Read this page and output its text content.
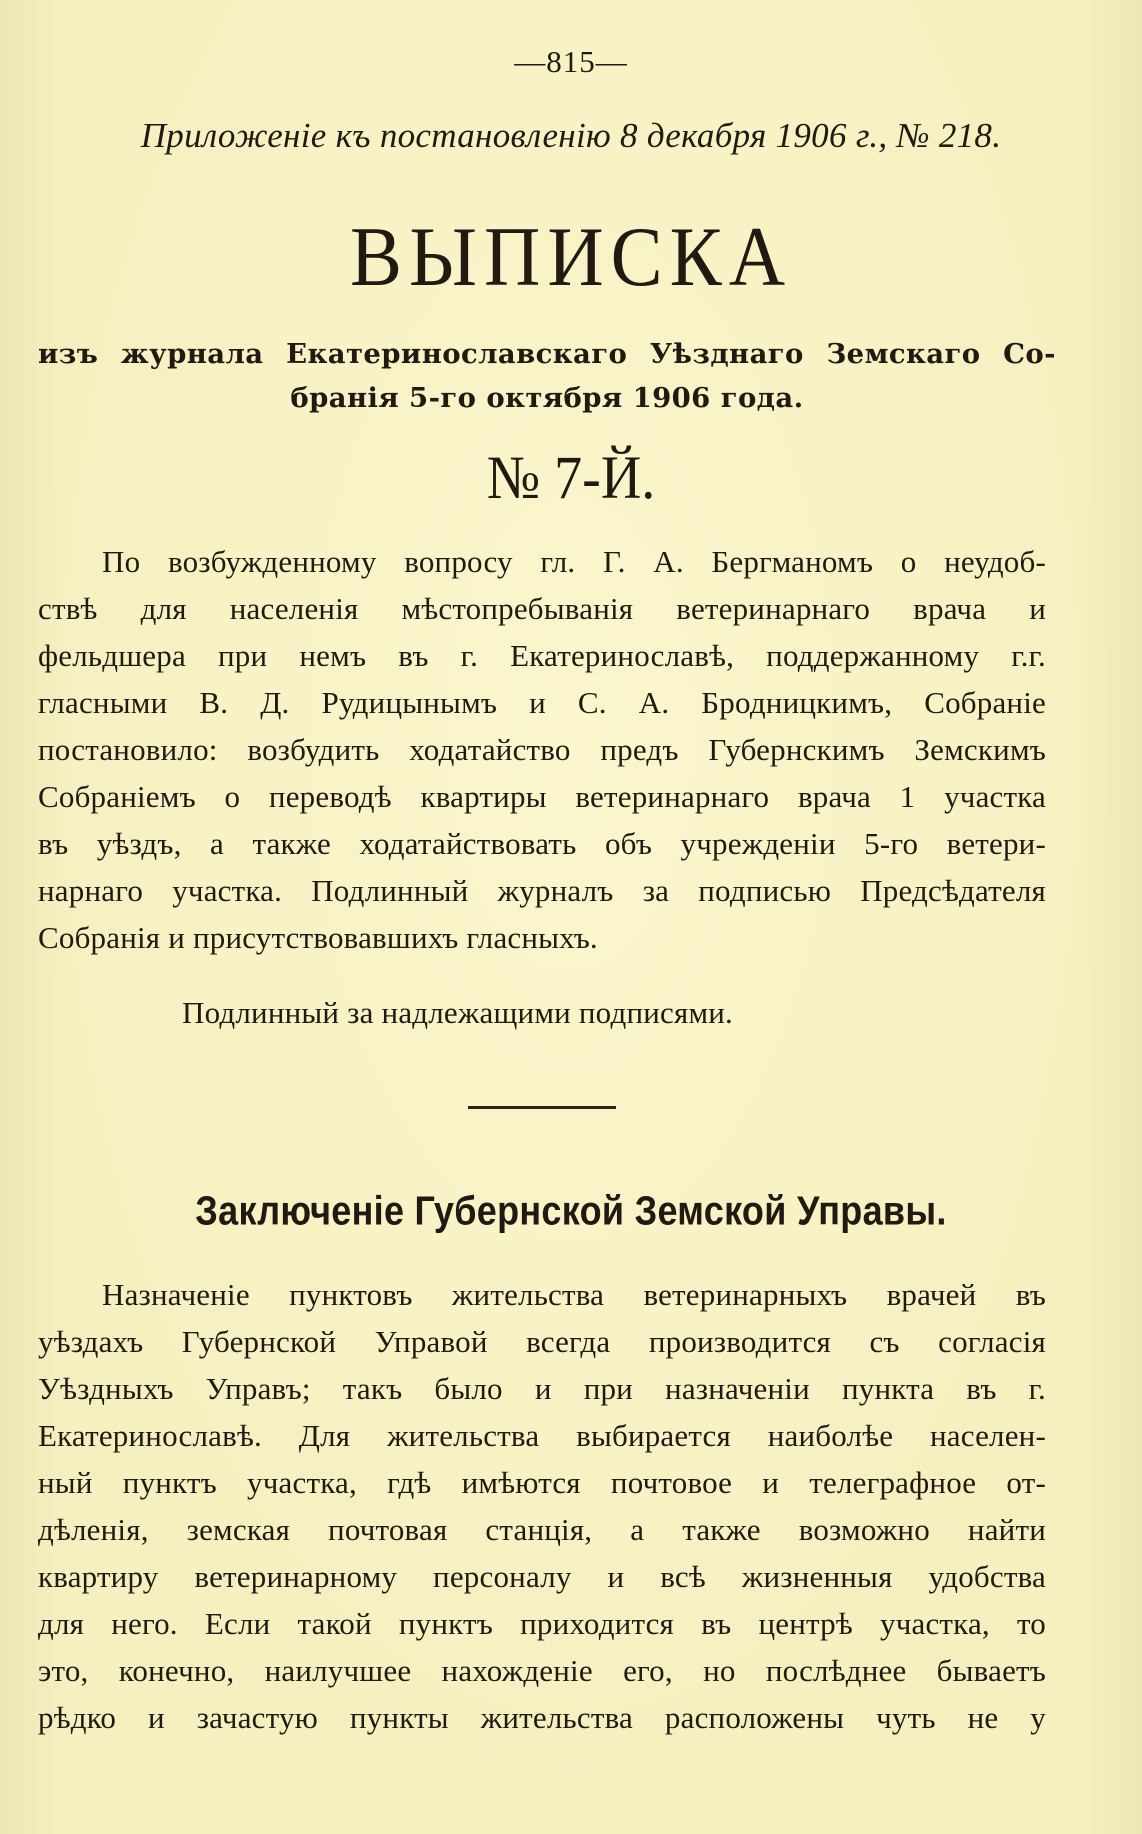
—815—
Приложеніе къ постановленію 8 декабря 1906 г., № 218.
ВЫПИСКА
изъ журнала Екатеринославскаго Уѣзднаго Земскаго Со-
бранія 5-го октября 1906 года.
№ 7-Й.
По возбужденному вопросу гл. Г. А. Бергманомъ о неудоб-
ствѣ для населенія мѣстопребыванія ветеринарнаго врача и
фельдшера при немъ въ г. Екатеринославѣ, поддержанному г.г.
гласными В. Д. Рудицынымъ и С. А. Бродницкимъ, Собраніе
постановило: возбудить ходатайство предъ Губернскимъ Земскимъ
Собраніемъ о переводѣ квартиры ветеринарнаго врача 1 участка
въ уѣздъ, а также ходатайствовать объ учрежденіи 5-го ветери-
нарнаго участка. Подлинный журналъ за подписью Предсѣдателя
Собранія и присутствовавшихъ гласныхъ.
Подлинный за надлежащими подписями.
Заключеніе Губернской Земской Управы.
Назначеніе пунктовъ жительства ветеринарныхъ врачей въ
уѣздахъ Губернской Управой всегда производится съ согласія
Уѣздныхъ Управъ; такъ было и при назначеніи пункта въ г.
Екатеринославѣ. Для жительства выбирается наиболѣе населен-
ный пунктъ участка, гдѣ имѣются почтовое и телеграфное от-
дѣленія, земская почтовая станція, а также возможно найти
квартиру ветеринарному персоналу и всѣ жизненныя удобства
для него. Если такой пунктъ приходится въ центрѣ участка, то
это, конечно, наилучшее нахожденіе его, но послѣднее бываетъ
рѣдко и зачастую пункты жительства расположены чуть не у
